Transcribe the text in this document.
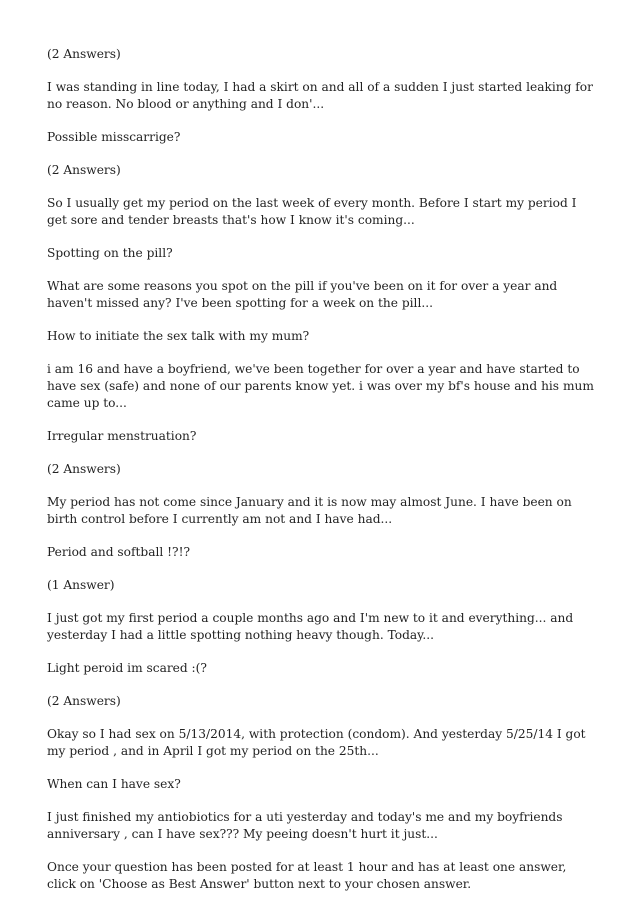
(2 Answers)

I was standing in line today, I had a skirt on and all of a sudden I just started leaking for no reason. No blood or anything and I don'...

Possible misscarrige?

(2 Answers)

So I usually get my period on the last week of every month. Before I start my period I get sore and tender breasts that's how I know it's coming...

Spotting on the pill?

What are some reasons you spot on the pill if you've been on it for over a year and haven't missed any? I've been spotting for a week on the pill...

How to initiate the sex talk with my mum?

i am 16 and have a boyfriend, we've been together for over a year and have started to have sex (safe) and none of our parents know yet. i was over my bf's house and his mum came up to...

Irregular menstruation?

(2 Answers)

My period has not come since January and it is now may almost June. I have been on birth control before I currently am not and I have had...

Period and softball !?!?

(1 Answer)

I just got my first period a couple months ago and I'm new to it and everything... and yesterday I had a little spotting nothing heavy though. Today...

Light peroid im scared :(?

(2 Answers)

Okay so I had sex on 5/13/2014, with protection (condom). And yesterday 5/25/14 I got my period , and in April I got my period on the 25th...

When can I have sex?

I just finished my antiobiotics for a uti yesterday and today's me and my boyfriends anniversary , can I have sex??? My peeing doesn't hurt it just...

Once your question has been posted for at least 1 hour and has at least one answer, click on 'Choose as Best Answer' button next to your chosen answer.
